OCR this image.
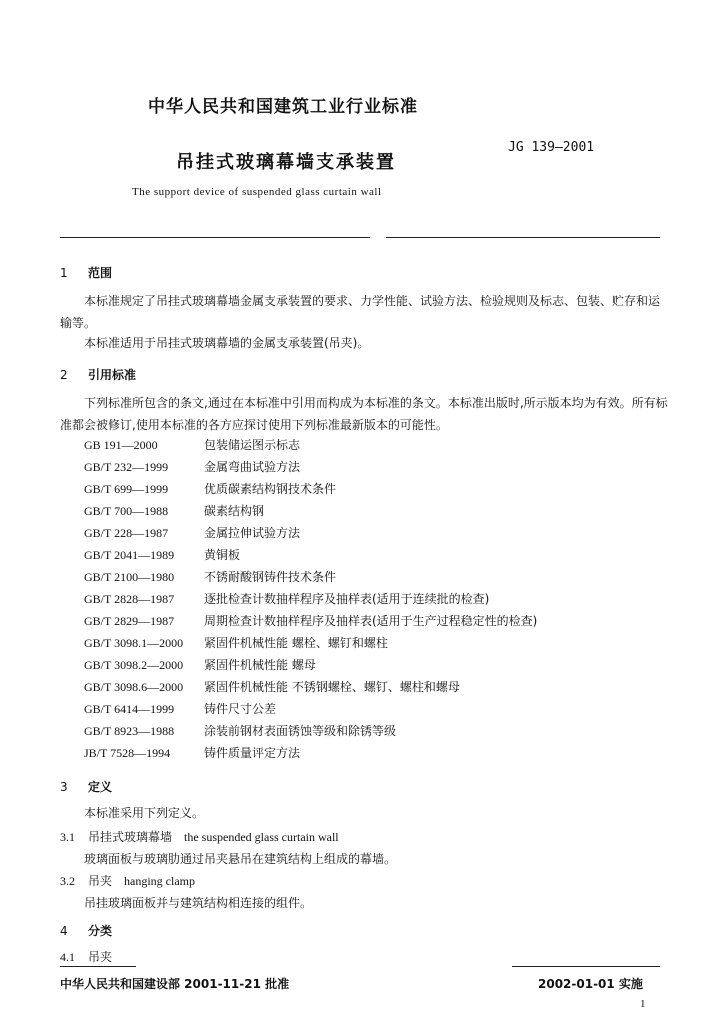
中华人民共和国建筑工业行业标准
JG 139—2001
吊挂式玻璃幕墙支承装置
The support device of suspended glass curtain wall
1 范围
本标准规定了吊挂式玻璃幕墙金属支承装置的要求、力学性能、试验方法、检验规则及标志、包装、贮存和运输等。
本标准适用于吊挂式玻璃幕墙的金属支承装置(吊夹)。
2 引用标准
下列标准所包含的条文,通过在本标准中引用而构成为本标准的条文。本标准出版时,所示版本均为有效。所有标准都会被修订,使用本标准的各方应探讨使用下列标准最新版本的可能性。
GB 191—2000	包装储运图示标志
GB/T 232—1999	金属弯曲试验方法
GB/T 699—1999	优质碳素结构钢技术条件
GB/T 700—1988	碳素结构钢
GB/T 228—1987	金属拉伸试验方法
GB/T 2041—1989 黄铜板
GB/T 2100—1980 不锈耐酸钢铸件技术条件
GB/T 2828—1987 逐批检查计数抽样程序及抽样表(适用于连续批的检查)
GB/T 2829—1987 周期检查计数抽样程序及抽样表(适用于生产过程稳定性的检查)
GB/T 3098.1—2000 紧固件机械性能 螺栓、螺钉和螺柱
GB/T 3098.2—2000 紧固件机械性能 螺母
GB/T 3098.6—2000 紧固件机械性能 不锈钢螺栓、螺钉、螺柱和螺母
GB/T 6414—1999 铸件尺寸公差
GB/T 8923—1988 涂装前钢材表面锈蚀等级和除锈等级
JB/T 7528—1994	铸件质量评定方法
3 定义
本标准采用下列定义。
3.1 吊挂式玻璃幕墙 the suspended glass curtain wall
玻璃面板与玻璃肋通过吊夹悬吊在建筑结构上组成的幕墙。
3.2 吊夹 hanging clamp
吊挂玻璃面板并与建筑结构相连接的组件。
4 分类
4.1 吊夹
中华人民共和国建设部 2001-11-21 批准	2002-01-01 实施
1
